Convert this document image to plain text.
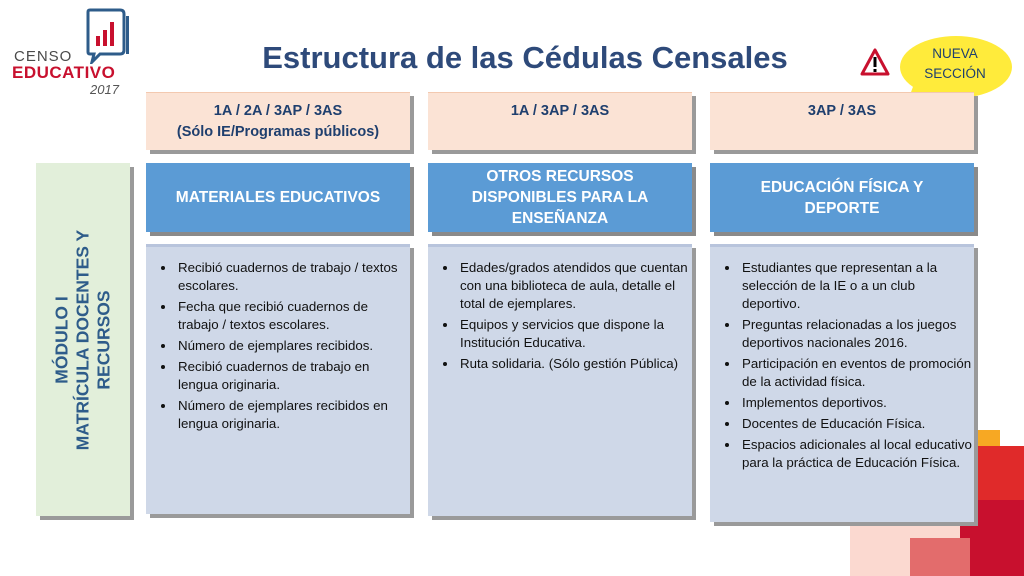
CENSO
EDUCATIVO
2017
Estructura de las Cédulas Censales	NUEVA
SECCIÓN
MÓDULO I MATRÍCULA DOCENTES Y RECURSOS
1A / 2A / 3AP / 3AS
(Sólo IE/Programas públicos)
MATERIALES EDUCATIVOS
• Recibió cuadernos de trabajo / textos escolares.
• Fecha que recibió cuadernos de trabajo / textos escolares.
• Número de ejemplares recibidos.
• Recibió cuadernos de trabajo en lengua originaria.
• Número de ejemplares recibidos en lengua originaria.
1A / 3AP / 3AS
OTROS RECURSOS DISPONIBLES PARA LA ENSEÑANZA
• Edades/grados atendidos que cuentan con una biblioteca de aula, detalle el total de ejemplares.
• Equipos y servicios que dispone la Institución Educativa.
• Ruta solidaria. (Sólo gestión Pública)
3AP / 3AS
EDUCACIÓN FÍSICA Y DEPORTE
• Estudiantes que representan a la selección de la IE o a un club deportivo.
• Preguntas relacionadas a los juegos deportivos nacionales 2016.
• Participación en eventos de promoción de la actividad física.
• Implementos deportivos.
• Docentes de Educación Física.
• Espacios adicionales al local educativo para la práctica de Educación Física.
